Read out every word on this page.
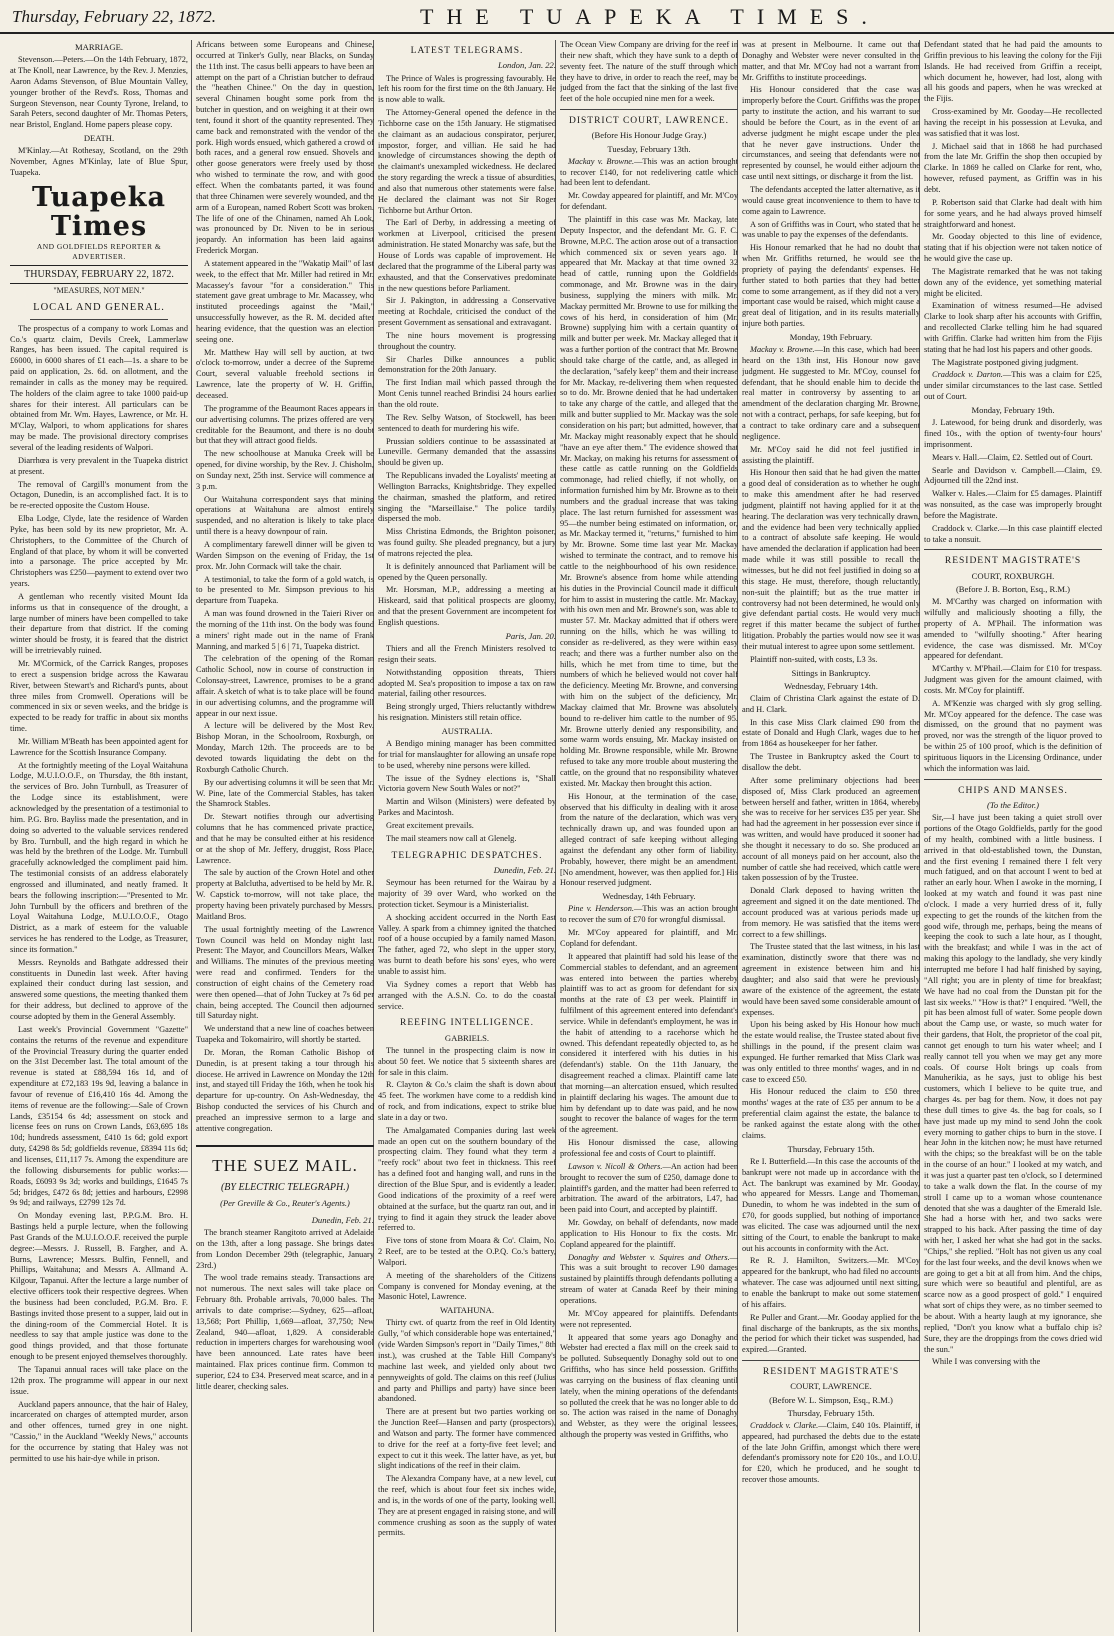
Thursday, February 22, 1872.	THE TUAPEKA TIMES.
MARRIAGE.

Stevenson.—Peters.—On the 14th February, 1872, at The Knoll, near Lawrence, by the Rev. J. Menzies, Aaron Adams Stevenson, of Blue Mountain Valley, younger brother of the Revd's. Ross, Thomas and Surgeon Stevenson, near County Tyrone, Ireland, to Sarah Peters, second daughter of Mr. Thomas Peters, near Bristol, England. Home papers please copy.

DEATH.

M'Kinlay.—At Rothesay, Scotland, on the 29th November, Agnes M'Kinlay, late of Blue Spur, Tuapeka.

Tuapeka Times
AND GOLDFIELDS REPORTER & ADVERTISER.
THURSDAY, FEBRUARY 22, 1872.
"MEASURES, NOT MEN."
LOCAL AND GENERAL.

The prospectus of a company to work Lomas and Co.'s quartz claim, Devils Creek, Lammerlaw Ranges, has been issued. The capital required is £6000, in 6000 shares of £1 each—1s. a share to be paid on application, 2s. 6d. on allotment, and the remainder in calls as the money may be required. The holders of the claim agree to take 1000 paid-up shares for their interest. All particulars can be obtained from Mr. Wm. Hayes, Lawrence, or Mr. H. M'Clay, Walpori, to whom applications for shares may be made. The provisional directory comprises several of the leading residents of Walpori.

Diarrhœa is very prevalent in the Tuapeka district at present.

The removal of Cargill's monument from the Octagon, Dunedin, is an accomplished fact. It is to be re-erected opposite the Custom House.

Elba Lodge, Clyde, late the residence of Warden Pyke, has been sold by its new proprietor, Mr. A. Christophers, to the Committee of the Church of England of that place, by whom it will be converted into a parsonage. The price accepted by Mr. Christophers was £250—payment to extend over two years.

A gentleman who recently visited Mount Ida informs us that in consequence of the drought, a large number of miners have been compelled to take their departure from that district. If the coming winter should be frosty, it is feared that the district will be irretrievably ruined.

Mr. M'Cormick, of the Carrick Ranges, proposes to erect a suspension bridge across the Kawarau River, between Stewart's and Richard's punts, about three miles from Cromwell. Operations will be commenced in six or seven weeks, and the bridge is expected to be ready for traffic in about six months time.

Mr. William M'Beath has been appointed agent for Lawrence for the Scottish Insurance Company.

At the fortnightly meeting of the Loyal Waitahuna Lodge, M.U.I.O.O.F., on Thursday, the 8th instant, the services of Bro. John Turnbull, as Treasurer of the Lodge since its establishment, were acknowledged by the presentation of a testimonial to him. P.G. Bro. Bayliss made the presentation, and in doing so adverted to the valuable services rendered by Bro. Turnbull, and the high regard in which he was held by the brethren of the Lodge. Mr. Turnbull gracefully acknowledged the compliment paid him. The testimonial consists of an address elaborately engrossed and illuminated, and neatly framed. It bears the following inscription:—"Presented to Mr. John Turnbull by the officers and brethren of the Loyal Waitahuna Lodge, M.U.I.O.O.F., Otago District, as a mark of esteem for the valuable services he has rendered to the Lodge, as Treasurer, since its formation."

Messrs. Reynolds and Bathgate addressed their constituents in Dunedin last week. After having explained their conduct during last session, and answered some questions, the meeting thanked them for their address, but declined to approve of the course adopted by them in the General Assembly.

Last week's Provincial Government "Gazette" contains the returns of the revenue and expenditure of the Provincial Treasury during the quarter ended on the 31st December last. The total amount of the revenue is stated at £88,594 16s 1d, and of expenditure at £72,183 19s 9d, leaving a balance in favour of revenue of £16,410 16s 4d. Among the items of revenue are the following:—Sale of Crown Lands, £35154 6s 4d; assessment on stock and license fees on runs on Crown Lands, £63,695 18s 10d; hundreds assessment, £410 1s 6d; gold export duty, £4298 8s 5d; goldfields revenue, £8394 11s 6d; and licenses, £11,117 7s. Among the expenditure are the following disbursements for public works:—Roads, £6093 9s 3d; works and buildings, £1645 7s 5d; bridges, £472 6s 8d; jetties and harbours, £2998 9s 9d; and railways, £2799 12s 7d.

On Monday evening last, P.P.G.M. Bro. H. Bastings held a purple lecture, when the following Past Grands of the M.U.I.O.O.F. received the purple degree:—Messrs. J. Russell, B. Fargher, and A. Burns, Lawrence; Messrs. Bulfin, Fennell, and Phillips, Waitahuna; and Messrs A. Allmand A. Kilgour, Tapanui. After the lecture a large number of elective officers took their respective degrees. When the business had been concluded, P.G.M. Bro. F. Bastings invited those present to a supper, laid out in the dining-room of the Commercial Hotel. It is needless to say that ample justice was done to the good things provided, and that those fortunate enough to be present enjoyed themselves thoroughly.

The Tapanui annual races will take place on the 12th prox. The programme will appear in our next issue.

Auckland papers announce, that the hair of Haley, incarcerated on charges of attempted murder, arson and other offences, turned grey in one night. "Cassio," in the Auckland "Weekly News," accounts for the occurrence by stating that Haley was not permitted to use his hair-dye while in prison.

Africans between some Europeans and Chinese, occurred at Tinker's Gully, near Blacks, on Sunday the 11th inst. The casus belli appears to have been an attempt on the part of a Christian butcher to defraud the "heathen Chinee." On the day in question, several Chinamen bought some pork from the butcher in question, and on weighing it at their own tent, found it short of the quantity represented. They came back and remonstrated with the vendor of the pork. High words ensued, which gathered a crowd of both races, and a general row ensued. Shovels and other goose generators were freely used by those who wished to terminate the row, and with good effect. When the combatants parted, it was found that three Chinamen were severely wounded, and the arm of a European, named Robert Scott was broken. The life of one of the Chinamen, named Ah Look, was pronounced by Dr. Niven to be in serious jeopardy. An information has been laid against Frederick Morgan.

A statement appeared in the "Wakatip Mail" of last week, to the effect that Mr. Miller had retired in Mr. Macassey's favour "for a consideration." This statement gave great umbrage to Mr. Macassey, who instituted proceedings against the "Mail," unsuccessfully however, as the R. M. decided after hearing evidence, that the question was an election seeing one.

Mr. Matthew Hay will sell by auction, at two o'clock to-morrow, under a decree of the Supreme Court, several valuable freehold sections in Lawrence, late the property of W. H. Griffin, deceased.

The programme of the Beaumont Races appears in our advertising columns. The prizes offered are very creditable for the Beaumont, and there is no doubt but that they will attract good fields.

The new schoolhouse at Manuka Creek will be opened, for divine worship, by the Rev. J. Chisholm, on Sunday next, 25th inst. Service will commence at 3 p.m.

Our Waitahuna correspondent says that mining operations at Waitahuna are almost entirely suspended, and no alteration is likely to take place until there is a heavy downpour of rain.

A complimentary farewell dinner will be given to Warden Simpson on the evening of Friday, the 1st prox. Mr. John Cormack will take the chair.

A testimonial, to take the form of a gold watch, is to be presented to Mr. Simpson previous to his departure from Tuapeka.

A man was found drowned in the Taieri River on the morning of the 11th inst. On the body was found a miners' right made out in the name of Frank Manning, and marked 5 | 6 | 71, Tuapeka district.

The celebration of the opening of the Roman Catholic School, now in course of construction in Colonsay-street, Lawrence, promises to be a grand affair. A sketch of what is to take place will be found in our advertising columns, and the programme will appear in our next issue.

A lecture will be delivered by the Most Rev. Bishop Moran, in the Schoolroom, Roxburgh, on Monday, March 12th. The proceeds are to be devoted towards liquidating the debt on the Roxburgh Catholic Church.

By our advertising columns it will be seen that Mr. W. Pine, late of the Commercial Stables, has taken the Shamrock Stables.

Dr. Stewart notifies through our advertising columns that he has commenced private practice, and that he may be consulted either at his residence or at the shop of Mr. Jeffery, druggist, Ross Place, Lawrence.

The sale by auction of the Crown Hotel and other property at Balclutha, advertised to be held by Mr. R. W. Capstick to-morrow, will not take place, the property having been privately purchased by Messrs. Maitland Bros.

The usual fortnightly meeting of the Lawrence Town Council was held on Monday night last. Present: The Mayor, and Councillors Mears, Walker and Williams. The minutes of the previous meeting were read and confirmed. Tenders for the construction of eight chains of the Cemetery road were then opened—that of John Tuckey at 7s 6d per chain, being accepted. The Council then adjourned till Saturday night.

We understand that a new line of coaches between Tuapeka and Tokomairiro, will shortly be started.

Dr. Moran, the Roman Catholic Bishop of Dunedin, is at present taking a tour through his diocese. He arrived in Lawrence on Monday the 12th inst, and stayed till Friday the 16th, when he took his departure for up-country. On Ash-Wednesday, the Bishop conducted the services of his Church and preached an impressive sermon to a large and attentive congregation.

THE SUEZ MAIL.
(BY ELECTRIC TELEGRAPH.)
(Per Greville & Co., Reuter's Agents.)
Dunedin, Feb. 21.

The branch steamer Rangitoto arrived at Adelaide on the 13th, after a long passage. She brings dates from London December 29th (telegraphic, January 23rd.)

The wool trade remains steady. Transactions are not numerous. The next sales will take place on February 8th. Probable arrivals, 70,000 bales. The arrivals to date comprise:—Sydney, 625—afloat, 13,568; Port Phillip, 1,669—afloat, 37,750; New Zealand, 940—afloat, 1,829. A considerable reduction in imperters charges for warehousing wool have been announced. Late rates have been maintained. Flax prices continue firm. Common to superior, £24 to £34. Preserved meat scarce, and in a little dearer, checking sales.

LATEST TELEGRAMS.
London, Jan. 22.

The Prince of Wales is progressing favourably. He left his room for the first time on the 8th January. He is now able to walk.

The Attorney-General opened the defence in the Tichborne case on the 15th January. He stigmatised the claimant as an audacious conspirator, perjurer, impostor, forger, and villian. He said he had knowledge of circumstances showing the depth of the claimant's unexampled wickedness. He declared the story regarding the wreck a tissue of absurdities, and also that numerous other statements were false. He declared the claimant was not Sir Roger Tichborne but Arthur Orton.

The Earl of Derby, in addressing a meeting of workmen at Liverpool, criticised the present administration. He stated Monarchy was safe, but the House of Lords was capable of improvement. He declared that the programme of the Liberal party was exhausted, and that the Conservatives predominate in the new questions before Parliament.

Sir J. Pakington, in addressing a Conservative meeting at Rochdale, criticised the conduct of the present Government as sensational and extravagant.

The nine hours movement is progressing throughout the country.

Sir Charles Dilke announces a public demonstration for the 20th January.

The first Indian mail which passed through the Mont Cenis tunnel reached Brindisi 24 hours earlier than the old route.

The Rev. Selby Watson, of Stockwell, has been sentenced to death for murdering his wife.

Prussian soldiers continue to be assassinated at Luneville. Germany demanded that the assassins should be given up.

The Republicans invaded the Loyalists' meeting at Wellington Barracks, Knightsbridge. They expelled the chairman, smashed the platform, and retired singing the "Marseillaise." The police tardily dispersed the mob.

Miss Christina Edmonds, the Brighton poisoner, was found guilty. She pleaded pregnancy, but a jury of matrons rejected the plea.

It is definitely announced that Parliament will be opened by the Queen personally.

Mr. Horsman, M.P., addressing a meeting at Hiskeard, said that political prospects are gloomy, and that the present Government are incompetent for English questions.

Paris, Jan. 20.

Thiers and all the French Ministers resolved to resign their seats.

Notwithstanding opposition threats, Thiers adopted M. Sea's proposition to impose a tax on raw material, failing other resources.

Being strongly urged, Thiers reluctantly withdrew his resignation. Ministers still retain office.

AUSTRALIA.

A Bendigo mining manager has been committed for trial for manslaughter for allowing an unsafe rope to be used, whereby nine persons were killed.

The issue of the Sydney elections is, "Shall Victoria govern New South Wales or not?"

Martin and Wilson (Ministers) were defeated by Parkes and Macintosh.

Great excitement prevails.

The mail steamers now call at Glenelg.

TELEGRAPHIC DESPATCHES.
Dunedin, Feb. 21.

Seymour has been returned for the Wairau by a majority of 39 over Ward, who worked on the protection ticket. Seymour is a Ministerialist.

A shocking accident occurred in the North East Valley. A spark from a chimney ignited the thatched roof of a house occupied by a family named Mason. The father, aged 72, who slept in the upper story, was burnt to death before his sons' eyes, who were unable to assist him.

Via Sydney comes a report that Webb has arranged with the A.S.N. Co. to do the coastal service.

REEFING INTELLIGENCE.
GABRIELS.

The tunnel in the prospecting claim is now in about 50 feet. We notice that 5 sixteenth shares are for sale in this claim.

R. Clayton & Co.'s claim the shaft is down about 45 feet. The workmen have come to a reddish kind of rock, and from indications, expect to strike blue slate in a day or two.

The Amalgamated Companies during last week made an open cut on the southern boundary of the prospecting claim. They found what they term a "reefy rock" about two feet in thickness. This reef has a defined foot and hanging wall, and runs in the direction of the Blue Spur, and is evidently a leader. Good indications of the proximity of a reef were obtained at the surface, but the quartz ran out, and in trying to find it again they struck the leader above referred to.

Five tons of stone from Moara & Co'. Claim, No. 2 Reef, are to be tested at the O.P.Q. Co.'s battery, Walpori.

A meeting of the shareholders of the Citizens Company is convened for Monday evening, at the Masonic Hotel, Lawrence.

WAITAHUNA.

Thirty cwt. of quartz from the reef in Old Identity Gully, "of which considerable hope was entertained," (vide Warden Simpson's report in "Daily Times," 8th inst.), was crushed at the Table Hill Company's machine last week, and yielded only about two pennyweights of gold. The claims on this reef (Julius and party and Phillips and party) have since been abandoned.

There are at present but two parties working on the Junction Reef—Hansen and party (prospectors), and Watson and party. The former have commenced to drive for the reef at a forty-five feet level; and expect to cut it this week. The latter have, as yet, but slight indications of the reef in their claim.

The Alexandra Company have, at a new level, cut the reef, which is about four feet six inches wide, and is, in the words of one of the party, looking well. They are at present engaged in raising stone, and will commence crushing as soon as the supply of water permits.

The Ocean View Company are driving for the reef in their new shaft, which they have sunk to a depth of seventy feet. The nature of the stuff through which they have to drive, in order to reach the reef, may be judged from the fact that the sinking of the last five feet of the hole occupied nine men for a week.

DISTRICT COURT, LAWRENCE.
(Before His Honour Judge Gray.)
Tuesday, February 13th.

Mackay v. Browne.—This was an action brought to recover £140, for not redelivering cattle which had been lent to defendant.

Mr. Cowday appeared for plaintiff, and Mr. M'Coy for defendant.

The plaintiff in this case was Mr. Mackay, late Deputy Inspector, and the defendant Mr. G. F. C. Browne, M.P.C. The action arose out of a transaction which commenced six or seven years ago. It appeared that Mr. Mackay at that time owned 32 head of cattle, running upon the Goldfields commonage, and Mr. Browne was in the dairy business, supplying the miners with milk. Mr. Mackay permitted Mr. Browne to use for milking the cows of his herd, in consideration of him (Mr. Browne) supplying him with a certain quantity of milk and butter per week. Mr. Mackay alleged that it was a further portion of the contract that Mr. Browne should take charge of the cattle, and, as alleged in the declaration, "safely keep" them and their increase for Mr. Mackay, re-delivering them when requested so to do. Mr. Browne denied that he had undertaken to take any charge of the cattle, and alleged that the milk and butter supplied to Mr. Mackay was the sole consideration on his part; but admitted, however, that Mr. Mackay might reasonably expect that he should "have an eye after them." The evidence showed that Mr. Mackay, on making his returns for assessment of these cattle as cattle running on the Goldfields commonage, had relied chiefly, if not wholly, on information furnished him by Mr. Browne as to their numbers and the gradual increase that was taking place. The last return furnished for assessment was 95—the number being estimated on information, or, as Mr. Mackay termed it, "returns," furnished to him by Mr. Browne. Some time last year Mr. Mackay wished to terminate the contract, and to remove his cattle to the neighbourhood of his own residence. Mr. Browne's absence from home while attending his duties in the Provincial Council made it difficult for him to assist in mustering the cattle. Mr. Mackay, with his own men and Mr. Browne's son, was able to muster 57. Mr. Mackay admitted that if others were running on the hills, which he was willing to consider as re-delivered, as they were within easy reach; and there was a further number also on the hills, which he met from time to time, but the numbers of which he believed would not cover half the deficiency. Meeting Mr. Browne, and conversing with him on the subject of the deficiency, Mr. Mackay claimed that Mr. Browne was absolutely bound to re-deliver him cattle to the number of 95. Mr. Browne utterly denied any responsibility, and some warm words ensuing, Mr. Mackay insisted on holding Mr. Browne responsible, while Mr. Browne refused to take any more trouble about mustering the cattle, on the ground that no responsibility whatever existed. Mr. Mackay then brought this action.

His Honour, at the termination of the case, observed that his difficulty in dealing with it arose from the nature of the declaration, which was very technically drawn up, and was founded upon an alleged contract of safe keeping without alleging against the defendant any other form of liability. Probably, however, there might be an amendment. [No amendment, however, was then applied for.] His Honour reserved judgment.

Wednesday, 14th February.

Pine v. Henderson.—This was an action brought to recover the sum of £70 for wrongful dismissal.

Mr. M'Coy appeared for plaintiff, and Mr. Copland for defendant.

It appeared that plaintiff had sold his lease of the Commercial stables to defendant, and an agreement was entered into between the parties whereby plaintiff was to act as groom for defendant for six months at the rate of £3 per week. Plaintiff in fulfilment of this agreement entered into defendant's service. While in defendant's employment, he was in the habit of attending to a racehorse which he owned. This defendant repeatedly objected to, as he considered it interfered with his duties in his (defendant's) stable. On the 11th January, the disagreement reached a climax. Plaintiff came late that morning—an altercation ensued, which resulted in plaintiff declaring his wages. The amount due to him by defendant up to date was paid, and he now sought to recover the balance of wages for the term of the agreement.

His Honour dismissed the case, allowing professional fee and costs of Court to plaintiff.

Lawson v. Nicoll & Others.—An action had been brought to recover the sum of £250, damage done to plaintiff's garden, and the matter had been referred to arbitration. The award of the arbitrators, L47, had been paid into Court, and accepted by plaintiff.

Mr. Gowday, on behalf of defendants, now made application to His Honour to fix the costs. Mr. Copland appeared for the plaintiff.

Donaghy and Webster v. Squires and Others.—This was a suit brought to recover L90 damages sustained by plaintiffs through defendants polluting a stream of water at Canada Reef by their mining operations.

Mr. M'Coy appeared for plaintiffs. Defendants were not represented.

It appeared that some years ago Donaghy and Webster had erected a flax mill on the creek said to be polluted. Subsequently Donaghy sold out to one Griffiths, who has since held possession. Griffiths was carrying on the business of flax cleaning until lately, when the mining operations of the defendants so polluted the creek that he was no longer able to do so. The action was raised in the name of Donaghy and Webster, as they were the original lessees, although the property was vested in Griffiths, who

was at present in Melbourne. It came out that Donaghy and Webster were never consulted in the matter, and that Mr. M'Coy had not a warrant from Mr. Griffiths to institute proceedings.

His Honour considered that the case was improperly before the Court. Griffiths was the proper party to institute the action, and his warrant to sue should be before the Court, as in the event of an adverse judgment he might escape under the plea that he never gave instructions. Under the circumstances, and seeing that defendants were not represented by counsel, he would either adjourn the case until next sittings, or discharge it from the list.

The defendants accepted the latter alternative, as it would cause great inconvenience to them to have to come again to Lawrence.

A son of Griffiths was in Court, who stated that he was unable to pay the expenses of the defendants.

His Honour remarked that he had no doubt that when Mr. Griffiths returned, he would see the propriety of paying the defendants' expenses. He further stated to both parties that they had better come to some arrangement, as if they did not a very important case would be raised, which might cause a great deal of litigation, and in its results materially injure both parties.

Monday, 19th February.

Mackay v. Browne.—In this case, which had been heard on the 13th inst, His Honour now gave judgment. He suggested to Mr. M'Coy, counsel for defendant, that he should enable him to decide the real matter in controversy by assenting to an amendment of the declaration charging Mr. Browne, not with a contract, perhaps, for safe keeping, but for a contract to take ordinary care and a subsequent negligence.

Mr. M'Coy said he did not feel justified in assisting the plaintiff.

His Honour then said that he had given the matter a good deal of consideration as to whether he ought to make this amendment after he had reserved judgment, plaintiff not having applied for it at the hearing. The declaration was very technically drawn, and the evidence had been very technically applied to a contract of absolute safe keeping. He would have amended the declaration if application had been made while it was still possible to recall the witnesses, but he did not feel justified in doing so at this stage. He must, therefore, though reluctantly, non-suit the plaintiff; but as the true matter in controversy had not been determined, he would only give defendant partial costs. He would very much regret if this matter became the subject of further litigation. Probably the parties would now see it was their mutual interest to agree upon some settlement.

Plaintiff non-suited, with costs, L3 3s.

Sittings in Bankruptcy.
Wednesday, February 14th.

Claim of Christina Clark against the estate of D. and H. Clark.

In this case Miss Clark claimed £90 from the estate of Donald and Hugh Clark, wages due to her from 1864 as housekeeper for her father.

The Trustee in Bankruptcy asked the Court to disallow the debt.

After some preliminary objections had been disposed of, Miss Clark produced an agreement between herself and father, written in 1864, whereby she was to receive for her services £35 per year. She had had the agreement in her possession ever since it was written, and would have produced it sooner had she thought it necessary to do so. She produced an account of all moneys paid on her account, also the number of cattle she had received, which cattle were taken possession of by the Trustee.

Donald Clark deposed to having written the agreement and signed it on the date mentioned. The account produced was at various periods made up from memory. He was satisfied that the items were correct to a few shillings.

The Trustee stated that the last witness, in his last examination, distinctly swore that there was no agreement in existence between him and his daughter; and also said that were he previously aware of the existence of the agreement, the estate would have been saved some considerable amount of expenses.

Upon his being asked by His Honour how much the estate would realise, the Trustee stated about five shillings in the pound, if the present claim was expunged. He further remarked that Miss Clark was was only entitled to three months' wages, and in no case to exceed £50.

His Honour reduced the claim to £50 three months' wages at the rate of £35 per annum to be a preferential claim against the estate, the balance to be ranked against the estate along with the other claims.

Thursday, February 15th.

Re I. Butterfield.—In this case the accounts of the bankrupt were not made up in accordance with the Act. The bankrupt was examined by Mr. Gooday, who appeared for Messrs. Lange and Thomeman, Dunedin, to whom he was indebted in the sum of £70, for goods supplied, but nothing of importance was elicited. The case was adjourned until the next sitting of the Court, to enable the bankrupt to make out his accounts in conformity with the Act.

Re R. J. Hamilton, Switzers.—Mr. M'Coy appeared for the bankrupt, who had filed no accounts whatever. The case was adjourned until next sitting, to enable the bankrupt to make out some statement of his affairs.

Re Puller and Grant.—Mr. Gooday applied for the final discharge of the bankrupts, as the six months, the period for which their ticket was suspended, had expired.—Granted.

RESIDENT MAGISTRATE'S
COURT, LAWRENCE.
(Before W. L. Simpson, Esq., R.M.)
Thursday, February 15th.

Craddock v. Clarke.—Claim, £40 10s. Plaintiff, it appeared, had purchased the debts due to the estate of the late John Griffin, amongst which there were defendant's promissory note for £20 10s., and I.O.U. for £20, which he produced, and he sought to recover those amounts.

Defendant stated that he had paid the amounts to Griffin previous to his leaving the colony for the Fiji Islands. He had received from Griffin a receipt, which document he, however, had lost, along with all his goods and papers, when he was wrecked at the Fijis.

Cross-examined by Mr. Gooday—He recollected having the receipt in his possession at Levuka, and was satisfied that it was lost.

J. Michael said that in 1868 he had purchased from the late Mr. Griffin the shop then occupied by Clarke. In 1869 he called on Clarke for rent, who, however, refused payment, as Griffin was in his debt.

P. Robertson said that Clarke had dealt with him for some years, and he had always proved himself straightforward and honest.

Mr. Gooday objected to this line of evidence, stating that if his objection were not taken notice of he would give the case up.

The Magistrate remarked that he was not taking down any of the evidence, yet something material might be elicited.

Examination of witness resumed—He advised Clarke to look sharp after his accounts with Griffin, and recollected Clarke telling him he had squared with Griffin. Clarke had written him from the Fijis stating that he had lost his papers and other goods.

The Magistrate postponed giving judgment.

Craddock v. Darton.—This was a claim for £25, under similar circumstances to the last case. Settled out of Court.

Monday, February 19th.

J. Latewood, for being drunk and disorderly, was fined 10s., with the option of twenty-four hours' imprisonment.

Mears v. Hall.—Claim, £2. Settled out of Court.

Searle and Davidson v. Campbell.—Claim, £9. Adjourned till the 22nd inst.

Walker v. Hales.—Claim for £5 damages. Plaintiff was nonsuited, as the case was improperly brought before the Magistrate.

Craddock v. Clarke.—In this case plaintiff elected to take a nonsuit.

RESIDENT MAGISTRATE'S
COURT, ROXBURGH.
(Before J. B. Borton, Esq., R.M.)

M. M'Carthy was charged on information with wilfully and maliciously shooting a filly, the property of A. M'Phail. The information was amended to "wilfully shooting." After hearing evidence, the case was dismissed. Mr. M'Coy appeared for defendant.

M'Carthy v. M'Phail.—Claim for £10 for trespass. Judgment was given for the amount claimed, with costs. Mr. M'Coy for plaintiff.

A. M'Kenzie was charged with sly grog selling. Mr. M'Coy appeared for the defence. The case was dismissed, on the ground that no payment was proved, nor was the strength of the liquor proved to be within 25 of 100 proof, which is the definition of spirituous liquors in the Licensing Ordinance, under which the information was laid.

CHIPS AND MANSES.
(To the Editor.)

Sir,—I have just been taking a quiet stroll over portions of the Otago Goldfields, partly for the good of my health, combined with a little business. I arrived in that old-established town, the Dunstan, and the first evening I remained there I felt very much fatigued, and on that account I went to bed at rather an early hour. When I awoke in the morning, I looked at my watch and found it was past nine o'clock. I made a very hurried dress of it, fully expecting to get the rounds of the kitchen from the good wife, through me, perhaps, being the means of keeping the cook to such a late hour, as I thought, with the breakfast; and while I was in the act of making this apology to the landlady, she very kindly interrupted me before I had half finished by saying, "All right; you are in plenty of time for breakfast; We have had no coal from the Dunstan pit for the last six weeks." "How is that?" I enquired. "Well, the pit has been almost full of water. Some people down about the Camp use, or waste, so much water for their gardens, that Holt, the proprietor of the coal pit, cannot get enough to turn his water wheel; and I really cannot tell you when we may get any more coals. Of course Holt brings up coals from Manuherikia, as he says, just to oblige his best customers, which I believe to be quite true, and charges 4s. per bag for them. Now, it does not pay these dull times to give 4s. the bag for coals, so I have just made up my mind to send John the cook every morning to gather chips to burn in the stove. I hear John in the kitchen now; he must have returned with the chips; so the breakfast will be on the table in the course of an hour." I looked at my watch, and it was just a quarter past ten o'clock, so I determined to take a walk down the flat. In the course of my stroll I came up to a woman whose countenance denoted that she was a daughter of the Emerald Isle. She had a horse with her, and two sacks were strapped to his back. After passing the time of day with her, I asked her what she had got in the sacks. "Chips," she replied. "Holt has not given us any coal for the last four weeks, and the devil knows when we are going to get a bit at all from him. And the chips, sure which were so beautiful and plentiful, are as scarce now as a good prospect of gold." I enquired what sort of chips they were, as no timber seemed to be about. With a hearty laugh at my ignorance, she replied, "Don't you know what a buffalo chip is? Sure, they are the droppings from the cows dried wid the sun."

While I was conversing with the
